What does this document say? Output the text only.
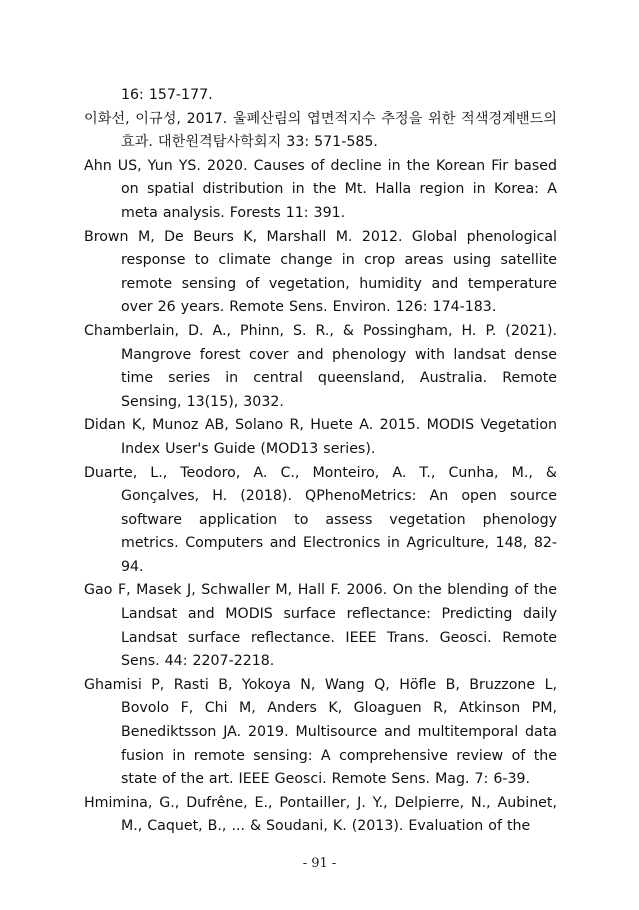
16: 157-177.

이화선, 이규성, 2017. 울폐산림의 엽면적지수 추정을 위한 적색경계밴드의 효과. 대한원격탐사학회지 33: 571-585.

Ahn US, Yun YS. 2020. Causes of decline in the Korean Fir based on spatial distribution in the Mt. Halla region in Korea: A meta analysis. Forests 11: 391.

Brown M, De Beurs K, Marshall M. 2012. Global phenological response to climate change in crop areas using satellite remote sensing of vegetation, humidity and temperature over 26 years. Remote Sens. Environ. 126: 174-183.

Chamberlain, D. A., Phinn, S. R., & Possingham, H. P. (2021). Mangrove forest cover and phenology with landsat dense time series in central queensland, Australia. Remote Sensing, 13(15), 3032.

Didan K, Munoz AB, Solano R, Huete A. 2015. MODIS Vegetation Index User's Guide (MOD13 series).

Duarte, L., Teodoro, A. C., Monteiro, A. T., Cunha, M., & Gonçalves, H. (2018). QPhenoMetrics: An open source software application to assess vegetation phenology metrics. Computers and Electronics in Agriculture, 148, 82-94.

Gao F, Masek J, Schwaller M, Hall F. 2006. On the blending of the Landsat and MODIS surface reflectance: Predicting daily Landsat surface reflectance. IEEE Trans. Geosci. Remote Sens. 44: 2207-2218.

Ghamisi P, Rasti B, Yokoya N, Wang Q, Höfle B, Bruzzone L, Bovolo F, Chi M, Anders K, Gloaguen R, Atkinson PM, Benediktsson JA. 2019. Multisource and multitemporal data fusion in remote sensing: A comprehensive review of the state of the art. IEEE Geosci. Remote Sens. Mag. 7: 6-39.

Hmimina, G., Dufrêne, E., Pontailler, J. Y., Delpierre, N., Aubinet, M., Caquet, B., ... & Soudani, K. (2013). Evaluation of the

- 91 -
